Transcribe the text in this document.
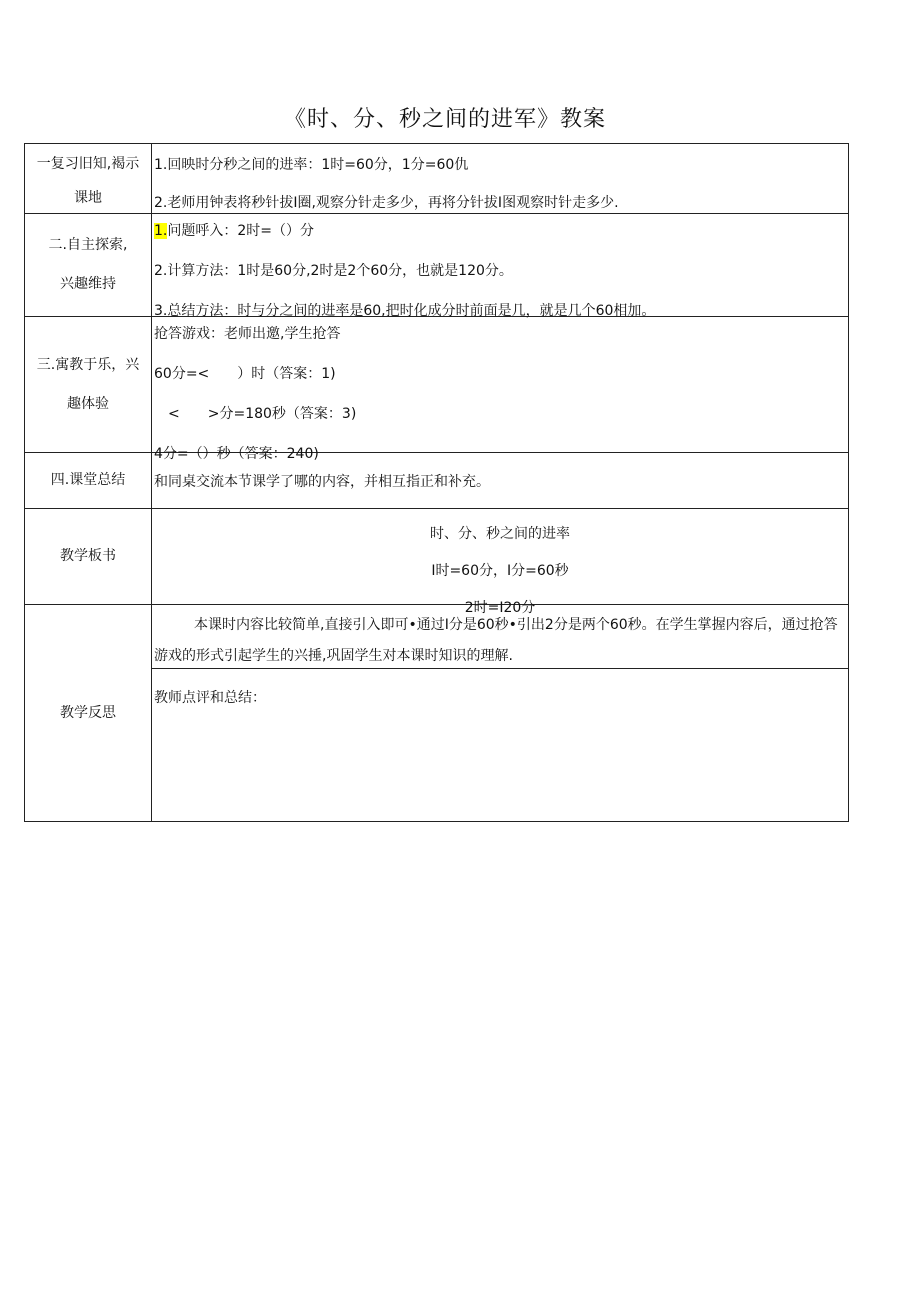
《时、分、秒之间的进军》教案
一复习旧知,褐示
课地	1.回映时分秒之间的进率：1时=60分，1分=60仇
2.老师用钟表将秒针拔I圈,观察分针走多少，再将分针拔I图观察时针走多少.

二.自主探索,
兴趣维持	1.问题呼入：2时=（）分
2.计算方法：1时是60分,2时是2个60分，也就是120分。
3.总结方法：时与分之间的进率是60,把时化成分时前面是几，就是几个60相加。

三.寓教于乐，兴
趣体验	抢答游戏：老师出邀,学生抢答
60分=<　　）时（答案：1)
　<　　>分=180秒（答案：3)
4分=（）秒（答案：240)

四.课堂总结	和同桌交流本节课学了哪的内容，并相互指正和补充。

教学板书	时、分、秒之间的进率
I时=60分，I分=60秒
2时=I20分

教学反思	本课时内容比较简单,直接引入即可•通过I分是60秒•引出2分是两个60秒。在学生掌握内容后，通过抢答游戏的形式引起学生的兴捶,巩固学生对本课时知识的理解.
教师点评和总结：
